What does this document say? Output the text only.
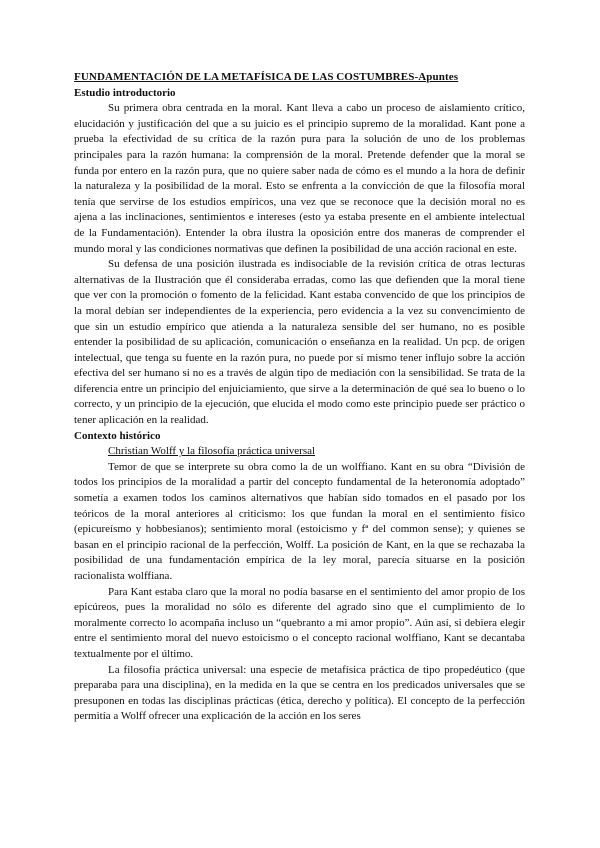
FUNDAMENTACIÓN DE LA METAFÍSICA DE LAS COSTUMBRES-Apuntes
Estudio introductorio

Su primera obra centrada en la moral. Kant lleva a cabo un proceso de aislamiento crítico, elucidación y justificación del que a su juicio es el principio supremo de la moralidad. Kant pone a prueba la efectividad de su crítica de la razón pura para la solución de uno de los problemas principales para la razón humana: la comprensión de la moral. Pretende defender que la moral se funda por entero en la razón pura, que no quiere saber nada de cómo es el mundo a la hora de definir la naturaleza y la posibilidad de la moral. Esto se enfrenta a la convicción de que la filosofía moral tenía que servirse de los estudios empíricos, una vez que se reconoce que la decisión moral no es ajena a las inclinaciones, sentimientos e intereses (esto ya estaba presente en el ambiente intelectual de la Fundamentación). Entender la obra ilustra la oposición entre dos maneras de comprender el mundo moral y las condiciones normativas que definen la posibilidad de una acción racional en este.

Su defensa de una posición ilustrada es indisociable de la revisión crítica de otras lecturas alternativas de la Ilustración que él consideraba erradas, como las que defienden que la moral tiene que ver con la promoción o fomento de la felicidad. Kant estaba convencido de que los principios de la moral debían ser independientes de la experiencia, pero evidencia a la vez su convencimiento de que sin un estudio empírico que atienda a la naturaleza sensible del ser humano, no es posible entender la posibilidad de su aplicación, comunicación o enseñanza en la realidad. Un pcp. de origen intelectual, que tenga su fuente en la razón pura, no puede por sí mismo tener influjo sobre la acción efectiva del ser humano si no es a través de algún tipo de mediación con la sensibilidad. Se trata de la diferencia entre un principio del enjuiciamiento, que sirve a la determinación de qué sea lo bueno o lo correcto, y un principio de la ejecución, que elucida el modo como este principio puede ser práctico o tener aplicación en la realidad.

Contexto histórico
Christian Wolff y la filosofía práctica universal

Temor de que se interprete su obra como la de un wolffiano. Kant en su obra “División de todos los principios de la moralidad a partir del concepto fundamental de la heteronomía adoptado” sometía a examen todos los caminos alternativos que habían sido tomados en el pasado por los teóricos de la moral anteriores al criticismo: los que fundan la moral en el sentimiento físico (epicureísmo y hobbesianos); sentimiento moral (estoicismo y fª del common sense); y quienes se basan en el principio racional de la perfección, Wolff. La posición de Kant, en la que se rechazaba la posibilidad de una fundamentación empírica de la ley moral, parecía situarse en la posición racionalista wolffiana.

Para Kant estaba claro que la moral no podía basarse en el sentimiento del amor propio de los epicúreos, pues la moralidad no sólo es diferente del agrado sino que el cumplimiento de lo moralmente correcto lo acompaña incluso un “quebranto a mi amor propio”. Aún así, si debiera elegir entre el sentimiento moral del nuevo estoicismo o el concepto racional wolffiano, Kant se decantaba textualmente por el último.

La filosofía práctica universal: una especie de metafísica práctica de tipo propedéutico (que preparaba para una disciplina), en la medida en la que se centra en los predicados universales que se presuponen en todas las disciplinas prácticas (ética, derecho y política). El concepto de la perfección permitía a Wolff ofrecer una explicación de la acción en los seres
